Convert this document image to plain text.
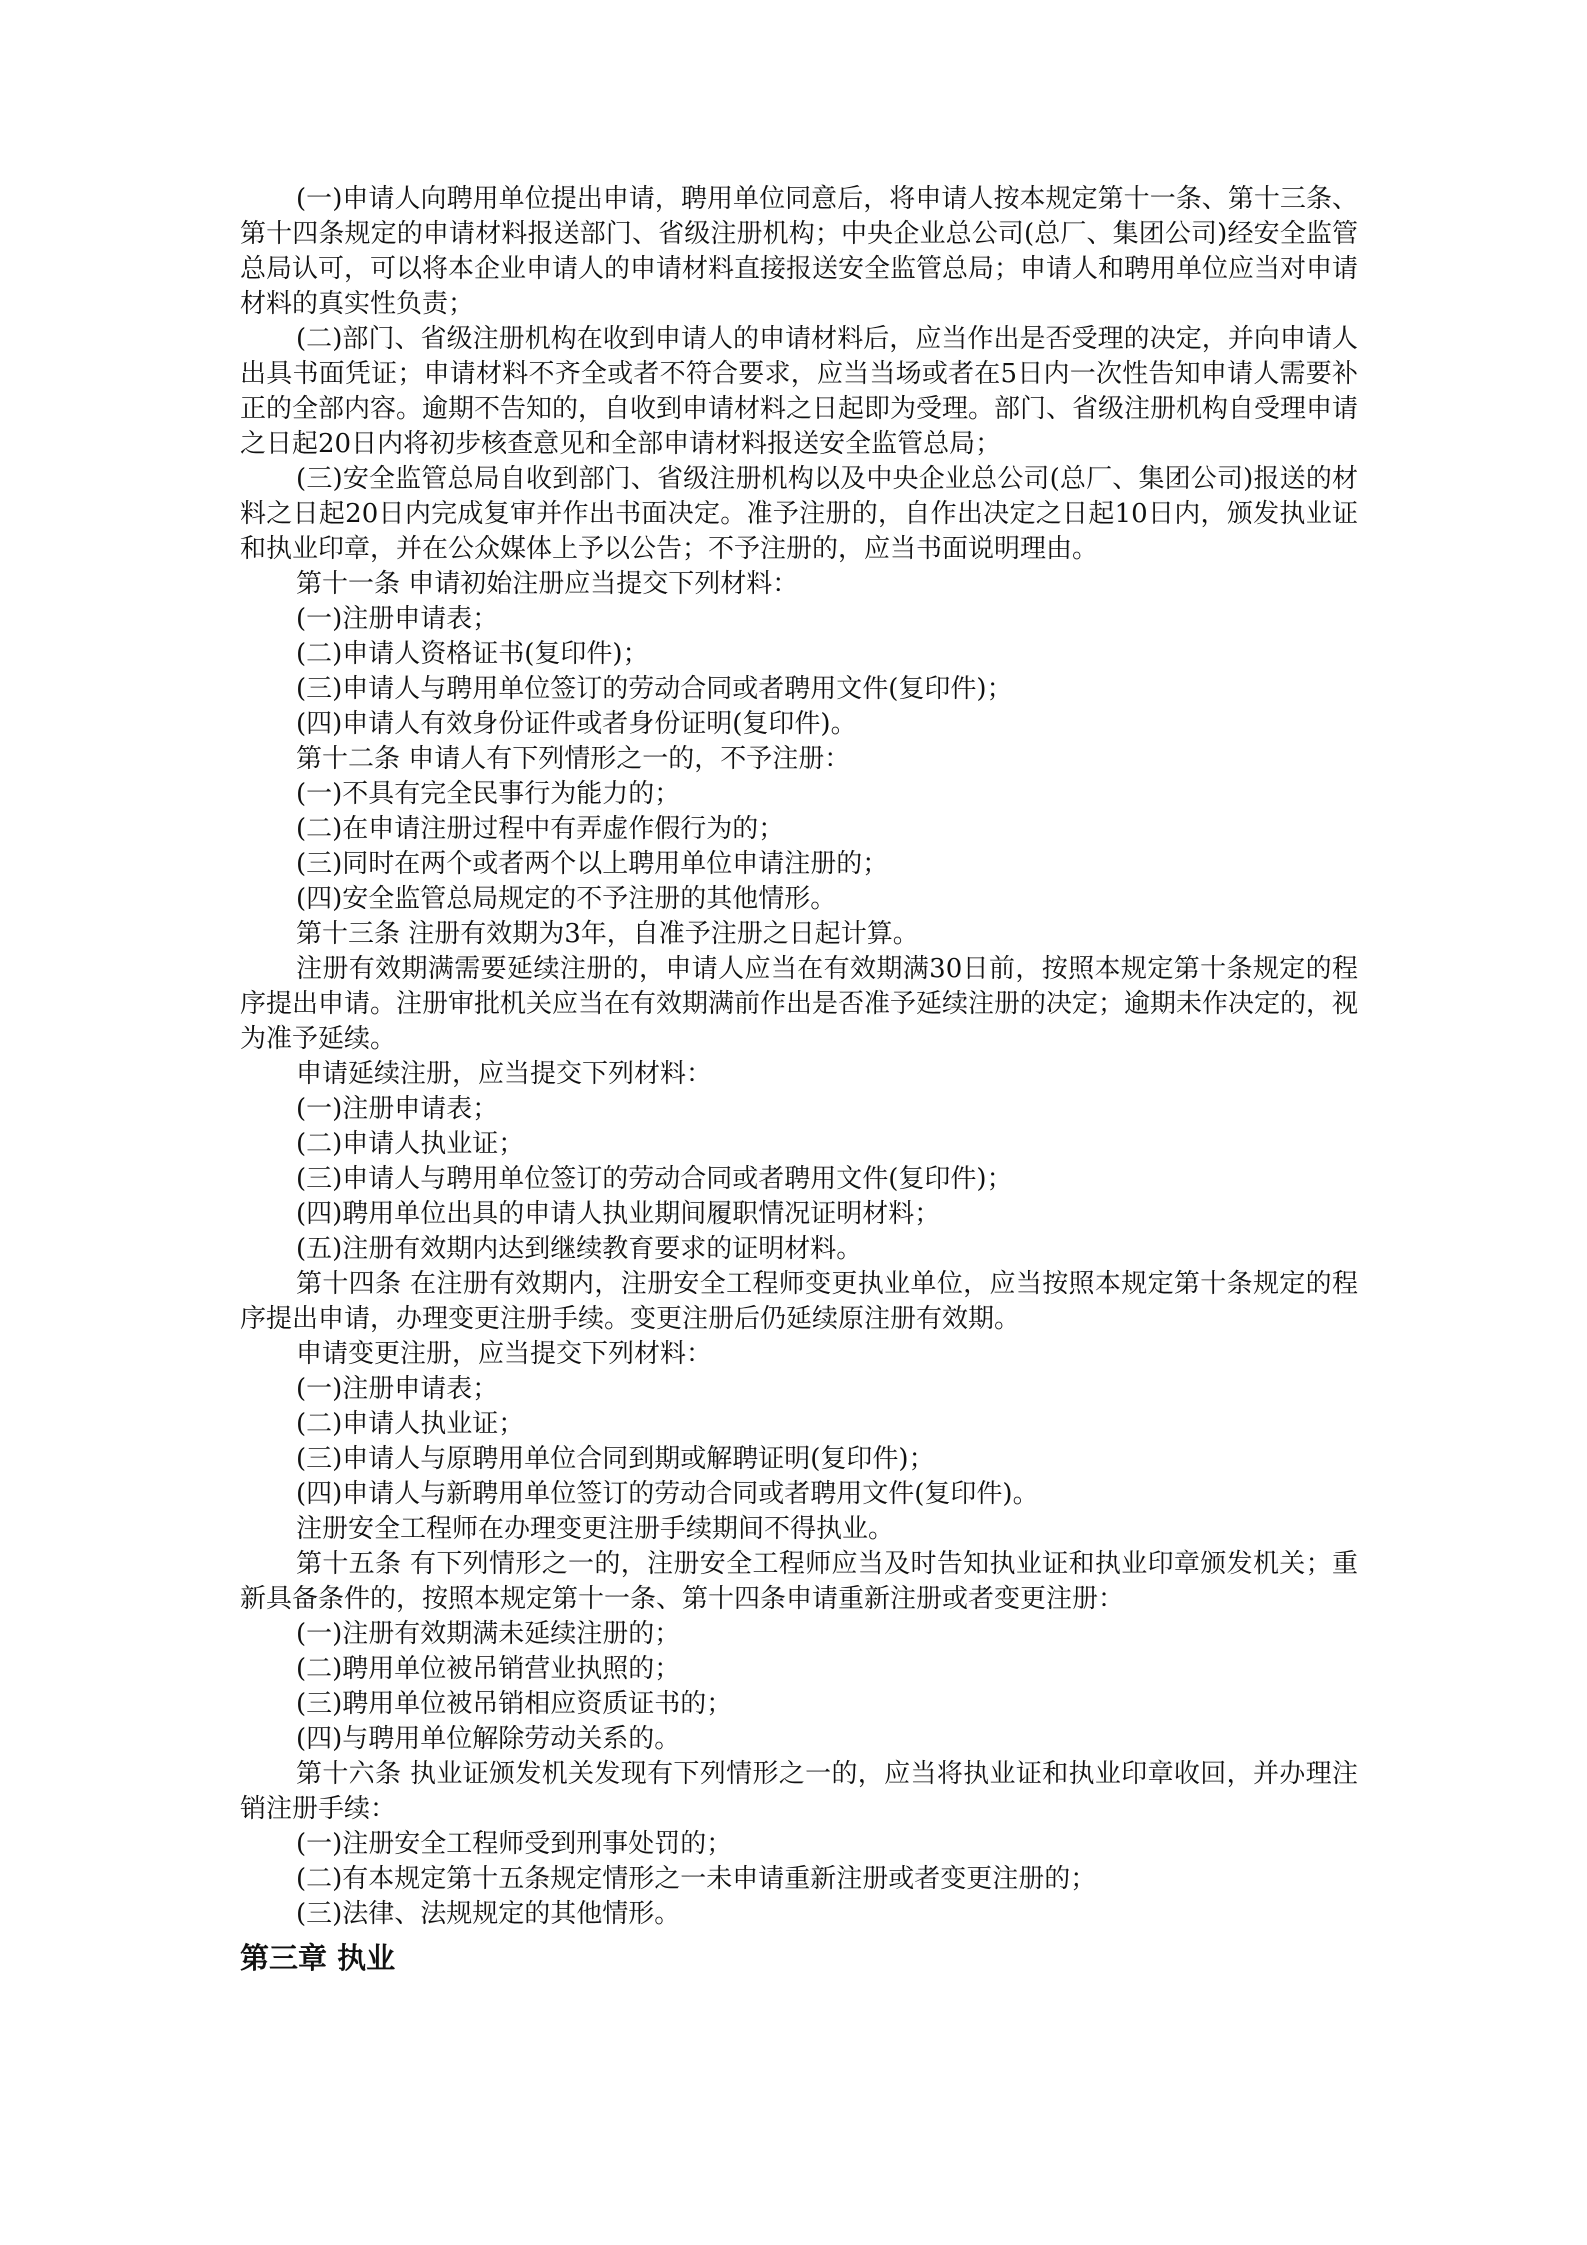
(一)申请人向聘用单位提出申请，聘用单位同意后，将申请人按本规定第十一条、第十三条、第十四条规定的申请材料报送部门、省级注册机构；中央企业总公司(总厂、集团公司)经安全监管总局认可，可以将本企业申请人的申请材料直接报送安全监管总局；申请人和聘用单位应当对申请材料的真实性负责；

(二)部门、省级注册机构在收到申请人的申请材料后，应当作出是否受理的决定，并向申请人出具书面凭证；申请材料不齐全或者不符合要求，应当当场或者在5日内一次性告知申请人需要补正的全部内容。逾期不告知的，自收到申请材料之日起即为受理。部门、省级注册机构自受理申请之日起20日内将初步核查意见和全部申请材料报送安全监管总局；

(三)安全监管总局自收到部门、省级注册机构以及中央企业总公司(总厂、集团公司)报送的材料之日起20日内完成复审并作出书面决定。准予注册的，自作出决定之日起10日内，颁发执业证和执业印章，并在公众媒体上予以公告；不予注册的，应当书面说明理由。

第十一条 申请初始注册应当提交下列材料：

(一)注册申请表；

(二)申请人资格证书(复印件)；

(三)申请人与聘用单位签订的劳动合同或者聘用文件(复印件)；

(四)申请人有效身份证件或者身份证明(复印件)。

第十二条 申请人有下列情形之一的，不予注册：

(一)不具有完全民事行为能力的；

(二)在申请注册过程中有弄虚作假行为的；

(三)同时在两个或者两个以上聘用单位申请注册的；

(四)安全监管总局规定的不予注册的其他情形。

第十三条 注册有效期为3年，自准予注册之日起计算。

注册有效期满需要延续注册的，申请人应当在有效期满30日前，按照本规定第十条规定的程序提出申请。注册审批机关应当在有效期满前作出是否准予延续注册的决定；逾期未作决定的，视为准予延续。

申请延续注册，应当提交下列材料：

(一)注册申请表；

(二)申请人执业证；

(三)申请人与聘用单位签订的劳动合同或者聘用文件(复印件)；

(四)聘用单位出具的申请人执业期间履职情况证明材料；

(五)注册有效期内达到继续教育要求的证明材料。

第十四条 在注册有效期内，注册安全工程师变更执业单位，应当按照本规定第十条规定的程序提出申请，办理变更注册手续。变更注册后仍延续原注册有效期。

申请变更注册，应当提交下列材料：

(一)注册申请表；

(二)申请人执业证；

(三)申请人与原聘用单位合同到期或解聘证明(复印件)；

(四)申请人与新聘用单位签订的劳动合同或者聘用文件(复印件)。

注册安全工程师在办理变更注册手续期间不得执业。

第十五条 有下列情形之一的，注册安全工程师应当及时告知执业证和执业印章颁发机关；重新具备条件的，按照本规定第十一条、第十四条申请重新注册或者变更注册：

(一)注册有效期满未延续注册的；

(二)聘用单位被吊销营业执照的；

(三)聘用单位被吊销相应资质证书的；

(四)与聘用单位解除劳动关系的。

第十六条 执业证颁发机关发现有下列情形之一的，应当将执业证和执业印章收回，并办理注销注册手续：

(一)注册安全工程师受到刑事处罚的；

(二)有本规定第十五条规定情形之一未申请重新注册或者变更注册的；

(三)法律、法规规定的其他情形。

第三章 执业
